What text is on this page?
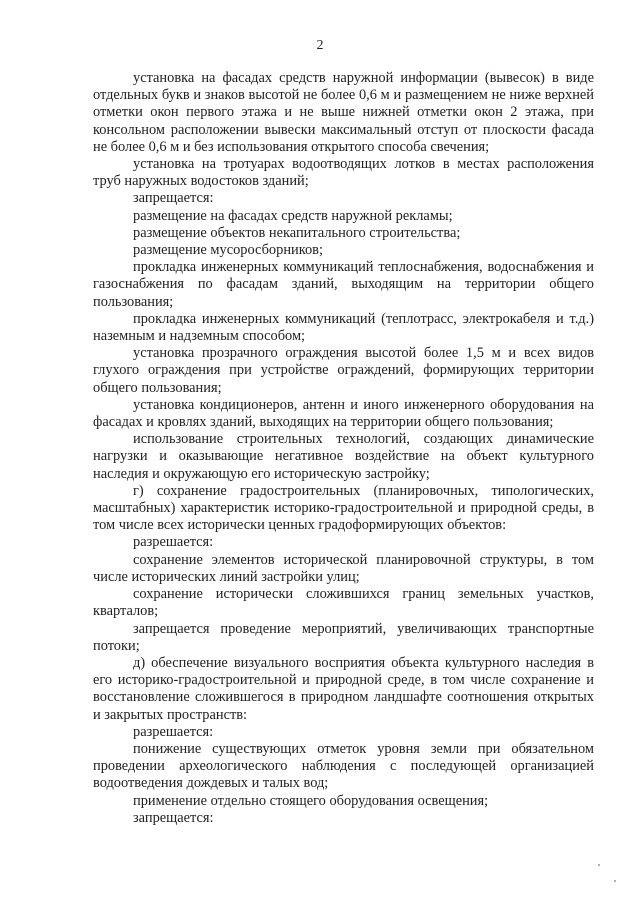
2

установка на фасадах средств наружной информации (вывесок) в виде отдельных букв и знаков высотой не более 0,6 м и размещением не ниже верхней отметки окон первого этажа и не выше нижней отметки окон 2 этажа, при консольном расположении вывески максимальный отступ от плоскости фасада не более 0,6 м и без использования открытого способа свечения;

установка на тротуарах водоотводящих лотков в местах расположения труб наружных водостоков зданий;

запрещается:

размещение на фасадах средств наружной рекламы;

размещение объектов некапитального строительства;

размещение мусоросборников;

прокладка инженерных коммуникаций теплоснабжения, водоснабжения и газоснабжения по фасадам зданий, выходящим на территории общего пользования;

прокладка инженерных коммуникаций (теплотрасс, электрокабеля и т.д.) наземным и надземным способом;

установка прозрачного ограждения высотой более 1,5 м и всех видов глухого ограждения при устройстве ограждений, формирующих территории общего пользования;

установка кондиционеров, антенн и иного инженерного оборудования на фасадах и кровлях зданий, выходящих на территории общего пользования;

использование строительных технологий, создающих динамические нагрузки и оказывающие негативное воздействие на объект культурного наследия и окружающую его историческую застройку;

г) сохранение градостроительных (планировочных, типологических, масштабных) характеристик историко-градостроительной и природной среды, в том числе всех исторически ценных градоформирующих объектов:

разрешается:

сохранение элементов исторической планировочной структуры, в том числе исторических линий застройки улиц;

сохранение исторически сложившихся границ земельных участков, кварталов;

запрещается проведение мероприятий, увеличивающих транспортные потоки;

д) обеспечение визуального восприятия объекта культурного наследия в его историко-градостроительной и природной среде, в том числе сохранение и восстановление сложившегося в природном ландшафте соотношения открытых и закрытых пространств:

разрешается:

понижение существующих отметок уровня земли при обязательном проведении археологического наблюдения с последующей организацией водоотведения дождевых и талых вод;

применение отдельно стоящего оборудования освещения;

запрещается:
